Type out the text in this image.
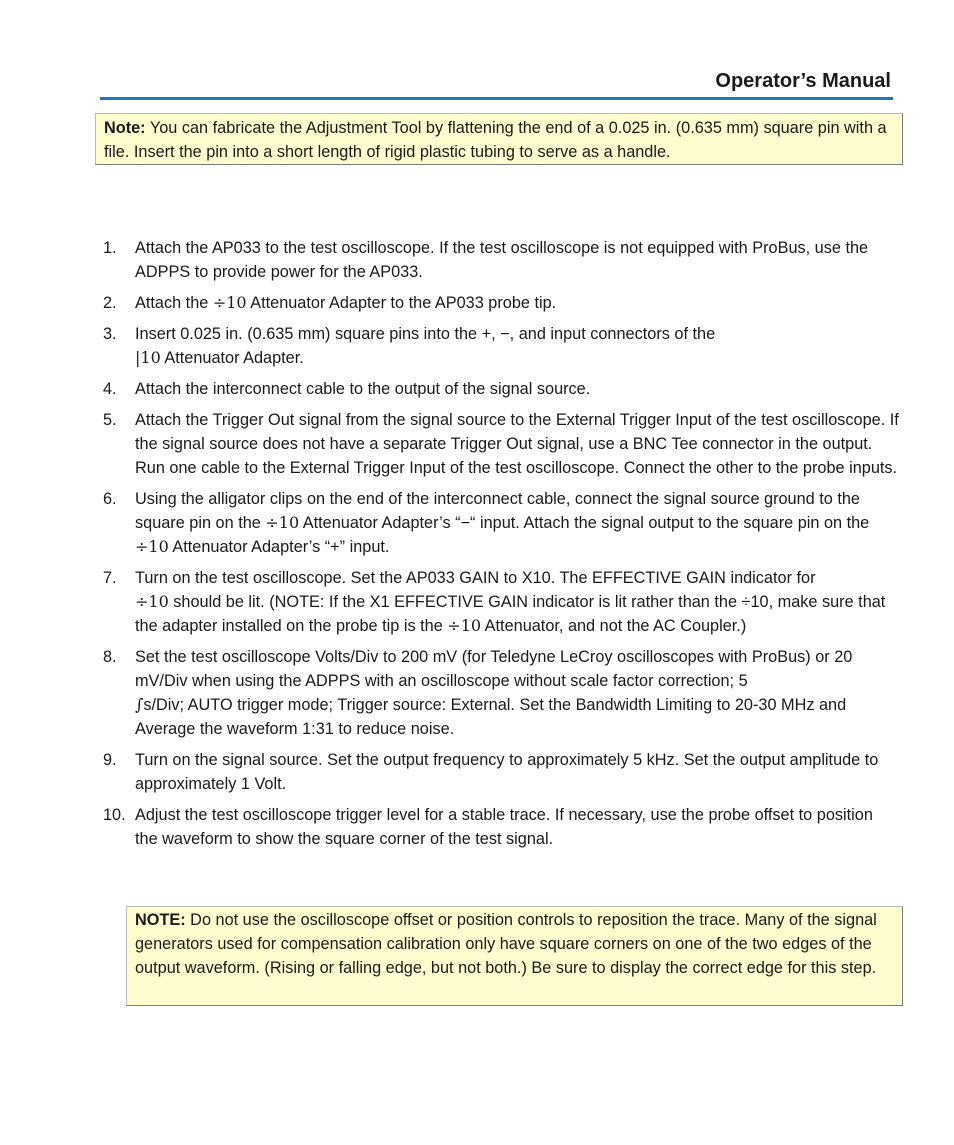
Operator’s Manual
Note: You can fabricate the Adjustment Tool by flattening the end of a 0.025 in. (0.635 mm) square pin with a file. Insert the pin into a short length of rigid plastic tubing to serve as a handle.
1.	Attach the AP033 to the test oscilloscope. If the test oscilloscope is not equipped with ProBus, use the ADPPS to provide power for the AP033.
2.	Attach the ÷10 Attenuator Adapter to the AP033 probe tip.
3.	Insert 0.025 in. (0.635 mm) square pins into the +, −, and input connectors of the
|10 Attenuator Adapter.
4.	Attach the interconnect cable to the output of the signal source.
5.	Attach the Trigger Out signal from the signal source to the External Trigger Input of the test oscilloscope. If the signal source does not have a separate Trigger Out signal, use a BNC Tee connector in the output. Run one cable to the External Trigger Input of the test oscilloscope. Connect the other to the probe inputs.
6.	Using the alligator clips on the end of the interconnect cable, connect the signal source ground to the square pin on the ÷10 Attenuator Adapter’s “−“ input. Attach the signal output to the square pin on the ÷10 Attenuator Adapter’s “+” input.
7.	Turn on the test oscilloscope. Set the AP033 GAIN to X10. The EFFECTIVE GAIN indicator for
÷10 should be lit. (NOTE: If the X1 EFFECTIVE GAIN indicator is lit rather than the ÷10, make sure that the adapter installed on the probe tip is the ÷10 Attenuator, and not the AC Coupler.)
8.	Set the test oscilloscope Volts/Div to 200 mV (for Teledyne LeCroy oscilloscopes with ProBus) or 20 mV/Div when using the ADPPS with an oscilloscope without scale factor correction; 5
∫s/Div; AUTO trigger mode; Trigger source: External. Set the Bandwidth Limiting to 20-30 MHz and Average the waveform 1:31 to reduce noise.
9.	Turn on the signal source. Set the output frequency to approximately 5 kHz. Set the output amplitude to approximately 1 Volt.
10. Adjust the test oscilloscope trigger level for a stable trace. If necessary, use the probe offset to position the waveform to show the square corner of the test signal.
NOTE: Do not use the oscilloscope offset or position controls to reposition the trace. Many of the signal generators used for compensation calibration only have square corners on one of the two edges of the output waveform. (Rising or falling edge, but not both.) Be sure to display the correct edge for this step.
